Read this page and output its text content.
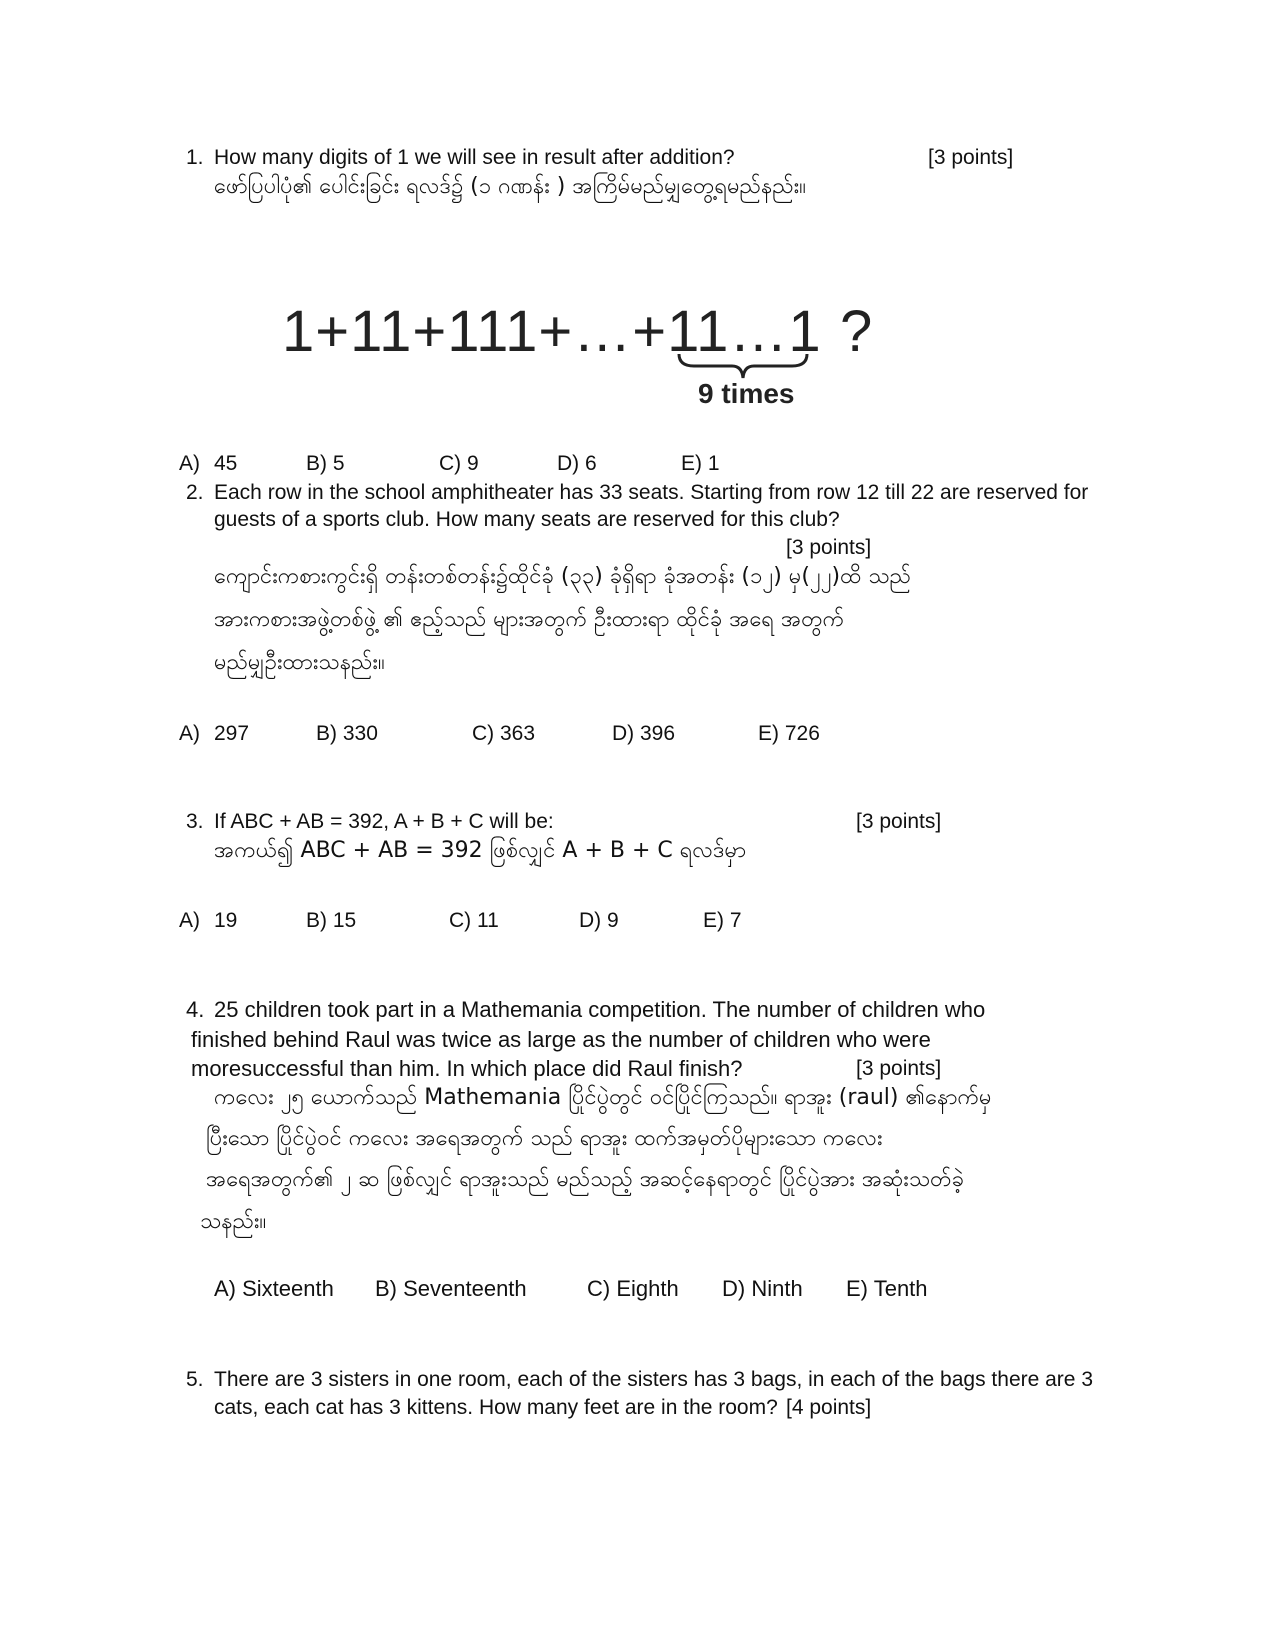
1. How many digits of 1 we will see in result after addition?	[3 points]
ဖော်ပြပါပုံ၏ ပေါင်းခြင်း ရလဒ်၌ (၁ ဂဏန်း ) အကြိမ်မည်မျှတွေ့ရမည်နည်း။
1+11+111+…+11…1 ?
9 times
A) 45	B) 5	C) 9	D) 6	E) 1
2. Each row in the school amphitheater has 33 seats. Starting from row 12 till 22 are reserved for
guests of a sports club. How many seats are reserved for this club?
[3 points]
ကျောင်းကစားကွင်းရှိ တန်းတစ်တန်း၌ထိုင်ခုံ (၃၃) ခုံရှိရာ ခုံအတန်း (၁၂) မှ(၂၂)ထိ သည်
အားကစားအဖွဲ့တစ်ဖွဲ့ ၏ ဧည့်သည် များအတွက် ဦးထားရာ ထိုင်ခုံ အရေ အတွက်
မည်မျှဦးထားသနည်း။
A) 297	B) 330	C) 363	D) 396	E) 726
3. If ABC + AB = 392, A + B + C will be:	[3 points]
အကယ်၍ ABC + AB = 392 ဖြစ်လျှင် A + B + C ရလဒ်မှာ
A) 19	B) 15	C) 11	D) 9	E) 7
4. 25 children took part in a Mathemania competition. The number of children who
finished behind Raul was twice as large as the number of children who were
moresuccessful than him. In which place did Raul finish?	[3 points]
ကလေး ၂၅ ယောက်သည် Mathemania ပြိုင်ပွဲတွင် ဝင်ပြိုင်ကြသည်။ ရာအူး (raul) ၏နောက်မှ
ပြီးသော ပြိုင်ပွဲဝင် ကလေး အရေအတွက် သည် ရာအူး ထက်အမှတ်ပိုများသော ကလေး
အရေအတွက်၏ ၂ ဆ ဖြစ်လျှင် ရာအူးသည် မည်သည့် အဆင့်နေရာတွင် ပြိုင်ပွဲအား အဆုံးသတ်ခဲ့
သနည်း။
A) Sixteenth B) Seventeenth	C) Eighth D) Ninth E) Tenth
5. There are 3 sisters in one room, each of the sisters has 3 bags, in each of the bags there are 3
cats, each cat has 3 kittens. How many feet are in the room? [4 points]
